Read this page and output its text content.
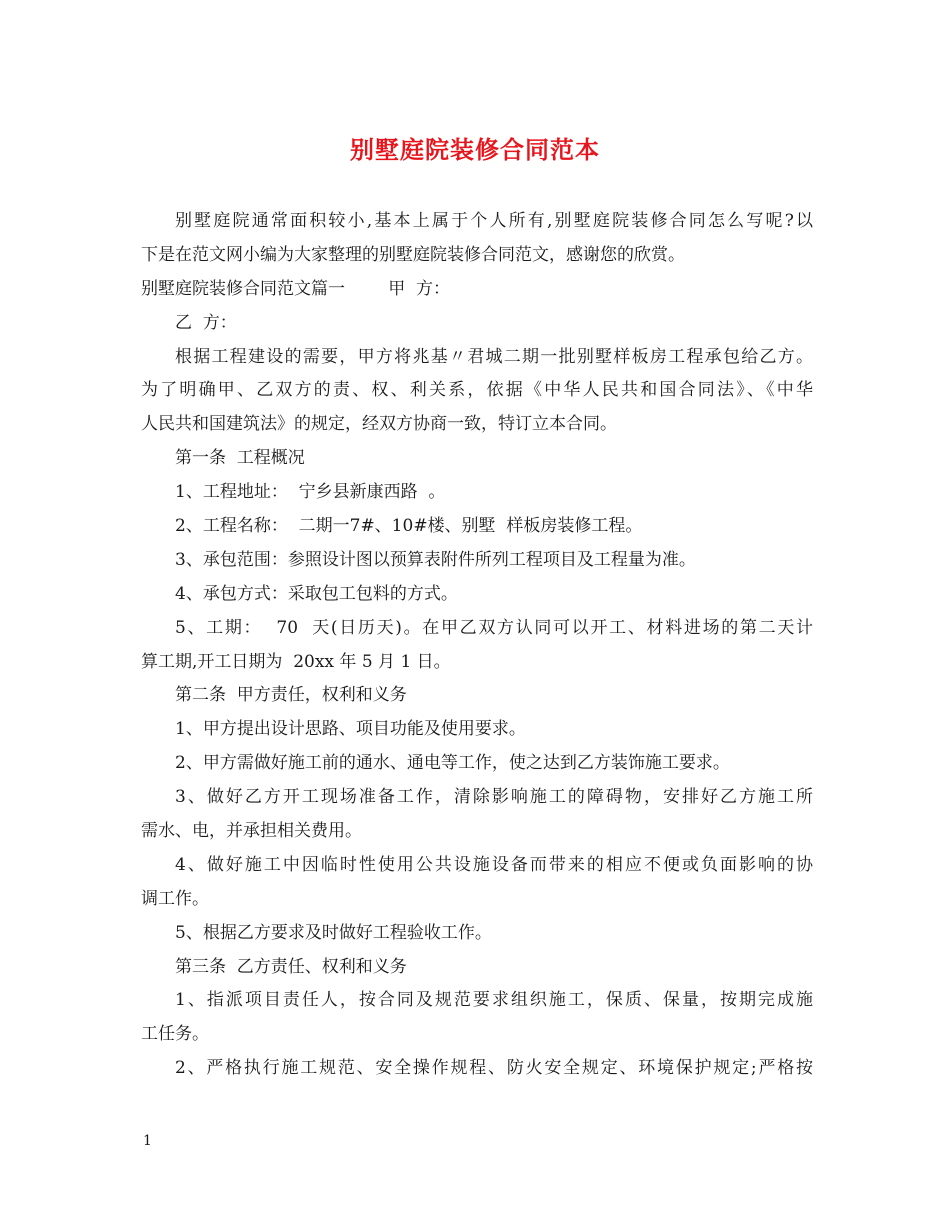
别墅庭院装修合同范本
别墅庭院通常面积较小,基本上属于个人所有,别墅庭院装修合同怎么写呢?以
下是在范文网小编为大家整理的别墅庭院装修合同范文，感谢您的欣赏。
别墅庭院装修合同范文篇一        甲  方：
乙  方：
根据工程建设的需要，甲方将兆基〃君城二期一批别墅样板房工程承包给乙方。
为了明确甲、乙双方的责、权、利关系，依据《中华人民共和国合同法》、《中华
人民共和国建筑法》的规定，经双方协商一致，特订立本合同。
第一条  工程概况
1、工程地址：  宁乡县新康西路  。
2、工程名称：  二期一7#、10#楼、别墅  样板房装修工程。
3、承包范围：参照设计图以预算表附件所列工程项目及工程量为准。
4、承包方式：采取包工包料的方式。
5、工期：  70  天(日历天)。在甲乙双方认同可以开工、材料进场的第二天计
算工期,开工日期为  20xx 年 5 月 1 日。
第二条  甲方责任，权利和义务
1、甲方提出设计思路、项目功能及使用要求。
2、甲方需做好施工前的通水、通电等工作，使之达到乙方装饰施工要求。
3、做好乙方开工现场准备工作，清除影响施工的障碍物，安排好乙方施工所
需水、电，并承担相关费用。
4、做好施工中因临时性使用公共设施设备而带来的相应不便或负面影响的协
调工作。
5、根据乙方要求及时做好工程验收工作。
第三条  乙方责任、权利和义务
1、指派项目责任人，按合同及规范要求组织施工，保质、保量，按期完成施
工任务。
2、严格执行施工规范、安全操作规程、防火安全规定、环境保护规定;严格按
1
